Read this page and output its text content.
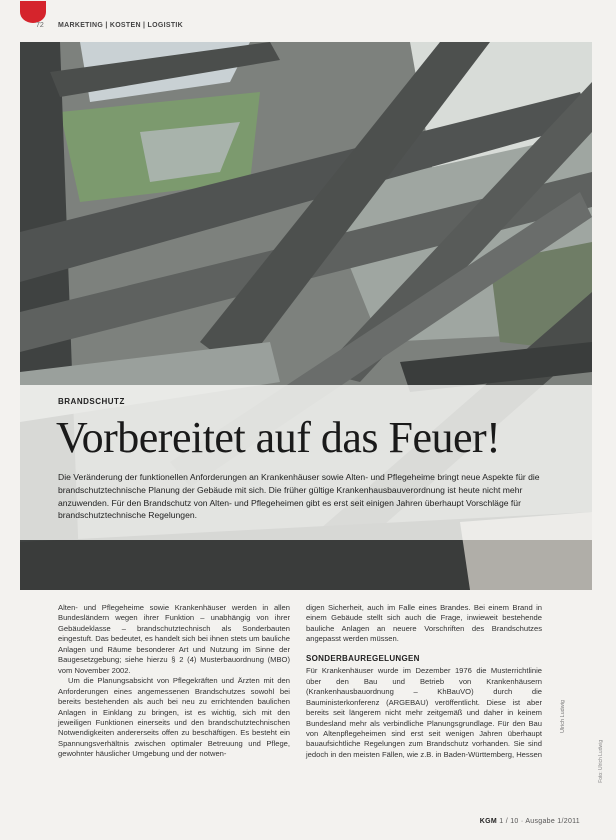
72 MARKETING | KOSTEN | LOGISTIK
BRANDSCHUTZ
Vorbereitet auf das Feuer!
Die Veränderung der funktionellen Anforderungen an Krankenhäuser sowie Alten- und Pflegeheime bringt neue Aspekte für die brandschutztechnische Planung der Gebäude mit sich. Die früher gültige Krankenhausbauverordnung ist heute nicht mehr anzuwenden. Für den Brandschutz von Alten- und Pflegeheimen gibt es erst seit einigen Jahren überhaupt Vorschläge für brandschutztechnische Regelungen.

Alten- und Pflegeheime sowie Krankenhäuser werden in allen Bundesländern wegen ihrer Funktion – unabhängig von ihrer Gebäudeklasse – brandschutztechnisch als Sonderbauten eingestuft. Das bedeutet, es handelt sich bei ihnen stets um bauliche Anlagen und Räume besonderer Art und Nutzung im Sinne der Baugesetzgebung; siehe hierzu § 2 (4) Musterbauordnung (MBO) vom November 2002.

Um die Planungsabsicht von Pflegekräften und Ärzten mit den Anforderungen eines angemessenen Brandschutzes sowohl bei bereits bestehenden als auch bei neu zu errichtenden baulichen Anlagen in Einklang zu bringen, ist es wichtig, sich mit den jeweiligen Funktionen einerseits und den brandschutztechnischen Notwendigkeiten andererseits offen zu beschäftigen. Es besteht ein Spannungsverhältnis zwischen optimaler Betreuung und Pflege, gewohnter häuslicher Umgebung und der notwen-

digen Sicherheit, auch im Falle eines Brandes. Bei einem Brand in einem Gebäude stellt sich auch die Frage, inwieweit bestehende bauliche Anlagen an neuere Vorschriften des Brandschutzes angepasst werden müssen.

SONDERBAUREGELUNGEN

Für Krankenhäuser wurde im Dezember 1976 die Musterrichtlinie über den Bau und Betrieb von Krankenhäusern (Krankenhausbauordnung – KhBauVO) durch die Bauministerkonferenz (ARGEBAU) veröffentlicht. Diese ist aber bereits seit längerem nicht mehr zeitgemäß und daher in keinem Bundesland mehr als verbindliche Planungsgrundlage. Für den Bau von Altenpflegeheimen sind erst seit wenigen Jahren überhaupt bauaufsichtliche Regelungen zum Brandschutz vorhanden. Sie sind jedoch in den meisten Fällen, wie z.B. in Baden-Württemberg, Hessen

Ulrich Ludwig
Foto: Ulrich Ludwig
KGM 1 / 10 · Ausgabe 1/2011
